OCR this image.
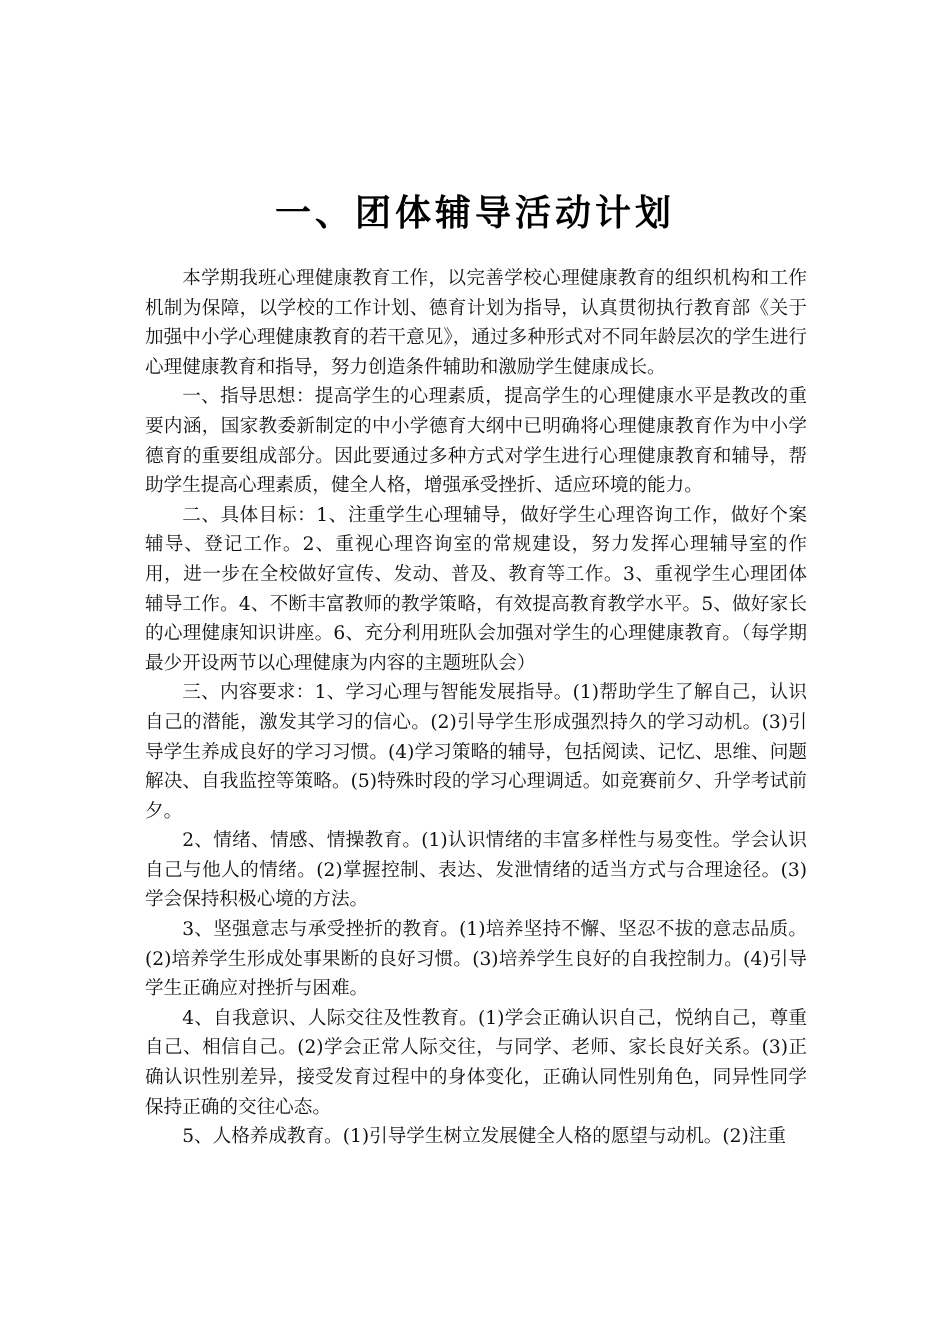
一、团体辅导活动计划

本学期我班心理健康教育工作，以完善学校心理健康教育的组织机构和工作机制为保障，以学校的工作计划、德育计划为指导，认真贯彻执行教育部《关于加强中小学心理健康教育的若干意见》，通过多种形式对不同年龄层次的学生进行心理健康教育和指导，努力创造条件辅助和激励学生健康成长。

一、指导思想：提高学生的心理素质，提高学生的心理健康水平是教改的重要内涵，国家教委新制定的中小学德育大纲中已明确将心理健康教育作为中小学德育的重要组成部分。因此要通过多种方式对学生进行心理健康教育和辅导，帮助学生提高心理素质，健全人格，增强承受挫折、适应环境的能力。

二、具体目标：1、注重学生心理辅导，做好学生心理咨询工作，做好个案辅导、登记工作。2、重视心理咨询室的常规建设，努力发挥心理辅导室的作用，进一步在全校做好宣传、发动、普及、教育等工作。3、重视学生心理团体辅导工作。4、不断丰富教师的教学策略，有效提高教育教学水平。5、做好家长的心理健康知识讲座。6、充分利用班队会加强对学生的心理健康教育。（每学期最少开设两节以心理健康为内容的主题班队会）

三、内容要求：1、学习心理与智能发展指导。(1)帮助学生了解自己，认识自己的潜能，激发其学习的信心。(2)引导学生形成强烈持久的学习动机。(3)引导学生养成良好的学习习惯。(4)学习策略的辅导，包括阅读、记忆、思维、问题解决、自我监控等策略。(5)特殊时段的学习心理调适。如竞赛前夕、升学考试前夕。

2、情绪、情感、情操教育。(1)认识情绪的丰富多样性与易变性。学会认识自己与他人的情绪。(2)掌握控制、表达、发泄情绪的适当方式与合理途径。(3)学会保持积极心境的方法。

3、坚强意志与承受挫折的教育。(1)培养坚持不懈、坚忍不拔的意志品质。(2)培养学生形成处事果断的良好习惯。(3)培养学生良好的自我控制力。(4)引导学生正确应对挫折与困难。

4、自我意识、人际交往及性教育。(1)学会正确认识自己，悦纳自己，尊重自己、相信自己。(2)学会正常人际交往，与同学、老师、家长良好关系。(3)正确认识性别差异，接受发育过程中的身体变化，正确认同性别角色，同异性同学保持正确的交往心态。

5、人格养成教育。(1)引导学生树立发展健全人格的愿望与动机。(2)注重
